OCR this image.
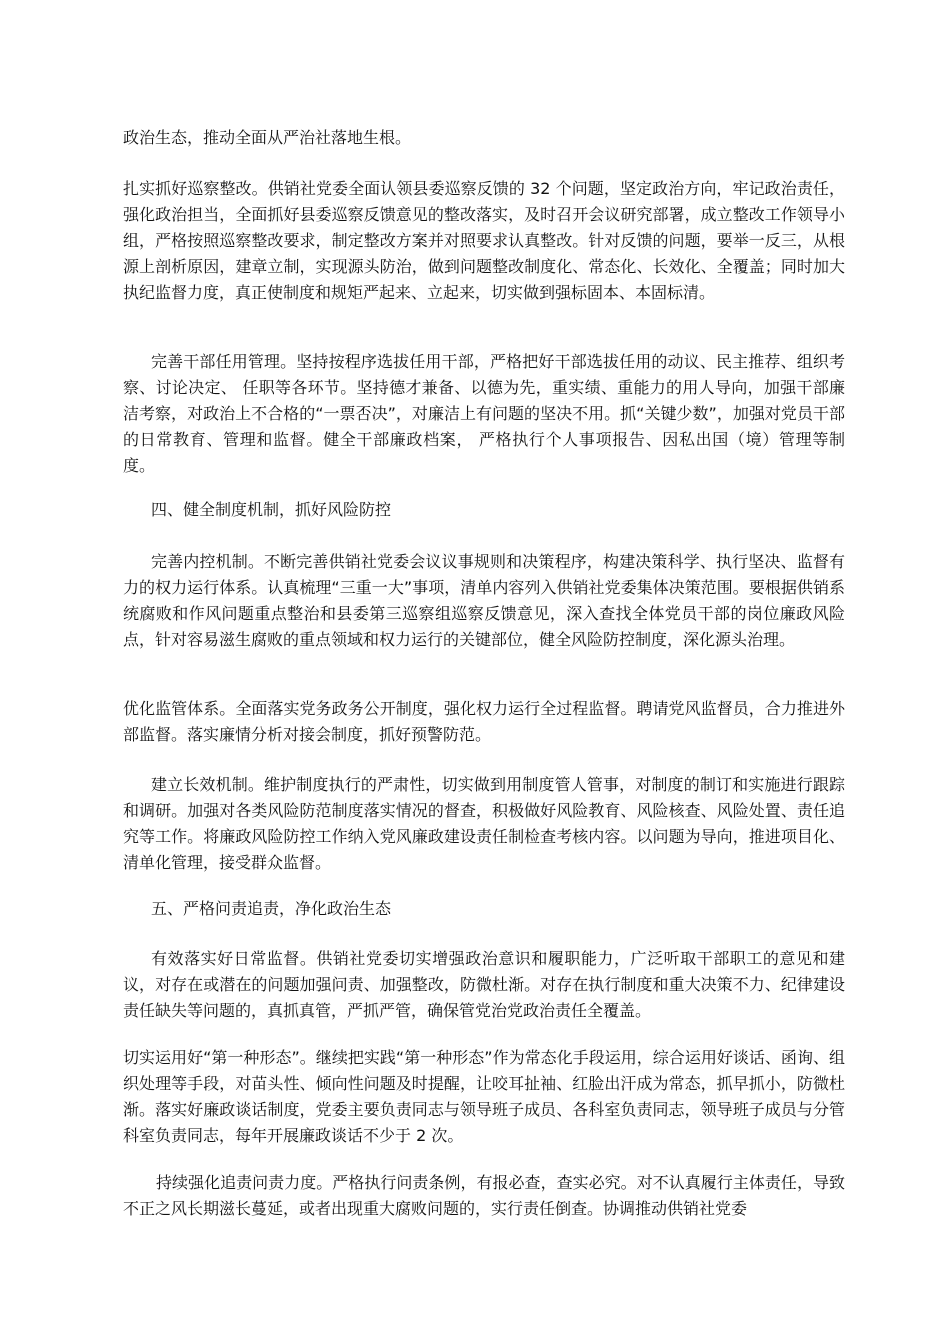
政治生态，推动全面从严治社落地生根。

扎实抓好巡察整改。供销社党委全面认领县委巡察反馈的 32 个问题，坚定政治方向，牢记政治责任，强化政治担当，全面抓好县委巡察反馈意见的整改落实，及时召开会议研究部署，成立整改工作领导小组，严格按照巡察整改要求，制定整改方案并对照要求认真整改。针对反馈的问题，要举一反三，从根源上剖析原因，建章立制，实现源头防治，做到问题整改制度化、常态化、长效化、全覆盖；同时加大执纪监督力度，真正使制度和规矩严起来、立起来，切实做到强标固本、本固标清。

完善干部任用管理。坚持按程序选拔任用干部，严格把好干部选拔任用的动议、民主推荐、组织考察、讨论决定、 任职等各环节。坚持德才兼备、以德为先，重实绩、重能力的用人导向，加强干部廉洁考察，对政治上不合格的“一票否决”，对廉洁上有问题的坚决不用。抓“关键少数”，加强对党员干部的日常教育、管理和监督。健全干部廉政档案， 严格执行个人事项报告、因私出国（境）管理等制度。

四、健全制度机制，抓好风险防控

完善内控机制。不断完善供销社党委会议议事规则和决策程序，构建决策科学、执行坚决、监督有力的权力运行体系。认真梳理“三重一大”事项，清单内容列入供销社党委集体决策范围。要根据供销系统腐败和作风问题重点整治和县委第三巡察组巡察反馈意见，深入查找全体党员干部的岗位廉政风险点，针对容易滋生腐败的重点领域和权力运行的关键部位，健全风险防控制度，深化源头治理。

优化监管体系。全面落实党务政务公开制度，强化权力运行全过程监督。聘请党风监督员，合力推进外部监督。落实廉情分析对接会制度，抓好预警防范。

建立长效机制。维护制度执行的严肃性，切实做到用制度管人管事，对制度的制订和实施进行跟踪和调研。加强对各类风险防范制度落实情况的督查，积极做好风险教育、风险核查、风险处置、责任追究等工作。将廉政风险防控工作纳入党风廉政建设责任制检查考核内容。以问题为导向，推进项目化、清单化管理，接受群众监督。

五、严格问责追责，净化政治生态

有效落实好日常监督。供销社党委切实增强政治意识和履职能力，广泛听取干部职工的意见和建议，对存在或潜在的问题加强问责、加强整改，防微杜渐。对存在执行制度和重大决策不力、纪律建设责任缺失等问题的，真抓真管，严抓严管，确保管党治党政治责任全覆盖。

切实运用好“第一种形态”。继续把实践“第一种形态”作为常态化手段运用，综合运用好谈话、函询、组织处理等手段，对苗头性、倾向性问题及时提醒，让咬耳扯袖、红脸出汗成为常态，抓早抓小，防微杜渐。落实好廉政谈话制度，党委主要负责同志与领导班子成员、各科室负责同志，领导班子成员与分管科室负责同志，每年开展廉政谈话不少于 2 次。

持续强化追责问责力度。严格执行问责条例，有报必查，查实必究。对不认真履行主体责任，导致不正之风长期滋长蔓延，或者出现重大腐败问题的，实行责任倒查。协调推动供销社党委
